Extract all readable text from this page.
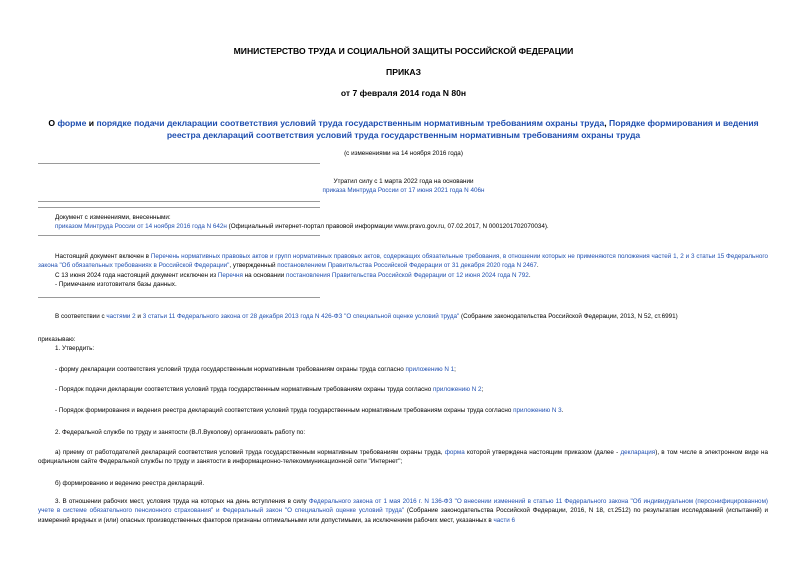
МИНИСТЕРСТВО ТРУДА И СОЦИАЛЬНОЙ ЗАЩИТЫ РОССИЙСКОЙ ФЕДЕРАЦИИ
ПРИКАЗ
от 7 февраля 2014 года N 80н
О форме и порядке подачи декларации соответствия условий труда государственным нормативным требованиям охраны труда, Порядке формирования и ведения реестра деклараций соответствия условий труда государственным нормативным требованиям охраны труда
(с изменениями на 14 ноября 2016 года)
Утратил силу с 1 марта 2022 года на основании
приказа Минтруда России от 17 июня 2021 года N 406н
Документ с изменениями, внесенными:
приказом Минтруда России от 14 ноября 2016 года N 642н (Официальный интернет-портал правовой информации www.pravo.gov.ru, 07.02.2017, N 0001201702070034).
Настоящий документ включен в Перечень нормативных правовых актов и групп нормативных правовых актов, содержащих обязательные требования, в отношении которых не применяются положения частей 1, 2 и 3 статьи 15 Федерального закона "Об обязательных требованиях в Российской Федерации", утвержденный постановлением Правительства Российской Федерации от 31 декабря 2020 года N 2467.
С 13 июня 2024 года настоящий документ исключен из Перечня на основании постановления Правительства Российской Федерации от 12 июня 2024 года N 792.
- Примечание изготовителя базы данных.
В соответствии с частями 2 и 3 статьи 11 Федерального закона от 28 декабря 2013 года N 426-ФЗ "О специальной оценке условий труда" (Собрание законодательства Российской Федерации, 2013, N 52, ст.6991)
приказываю:
1. Утвердить:
- форму декларации соответствия условий труда государственным нормативным требованиям охраны труда согласно приложению N 1;
- Порядок подачи декларации соответствия условий труда государственным нормативным требованиям охраны труда согласно приложению N 2;
- Порядок формирования и ведения реестра деклараций соответствия условий труда государственным нормативным требованиям охраны труда согласно приложению N 3.
2. Федеральной службе по труду и занятости (В.Л.Вуколову) организовать работу по:
а) приему от работодателей деклараций соответствия условий труда государственным нормативным требованиям охраны труда, форма которой утверждена настоящим приказом (далее - декларация), в том числе в электронном виде на официальном сайте Федеральной службы по труду и занятости в информационно-телекоммуникационной сети "Интернет";
б) формированию и ведению реестра деклараций.
3. В отношении рабочих мест, условия труда на которых на день вступления в силу Федерального закона от 1 мая 2016 г. N 136-ФЗ "О внесении изменений в статью 11 Федерального закона "Об индивидуальном (персонифицированном) учете в системе обязательного пенсионного страхования" и Федеральный закон "О специальной оценке условий труда" (Собрание законодательства Российской Федерации, 2016, N 18, ст.2512) по результатам исследований (испытаний) и измерений вредных и (или) опасных производственных факторов признаны оптимальными или допустимыми, за исключением рабочих мест, указанных в части 6
